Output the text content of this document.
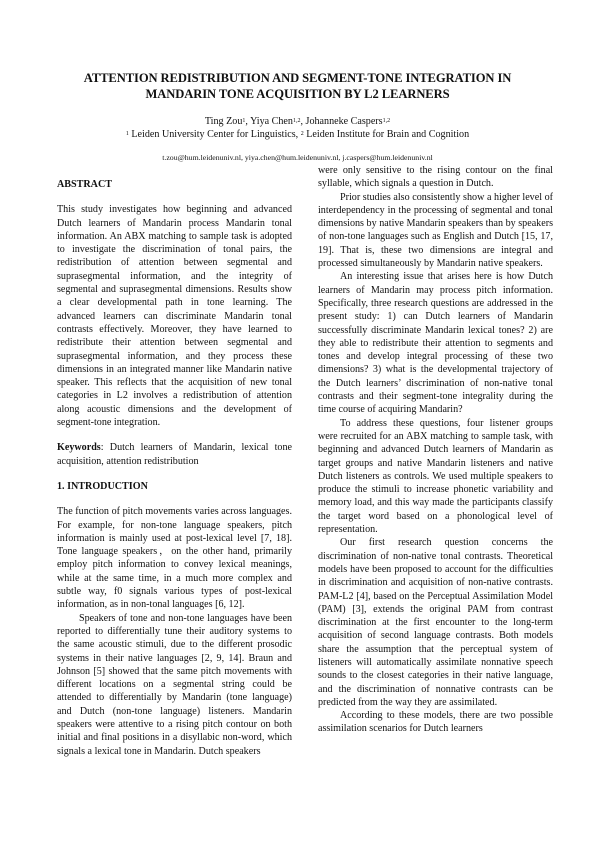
ATTENTION REDISTRIBUTION AND SEGMENT-TONE INTEGRATION IN
MANDARIN TONE ACQUISITION BY L2 LEARNERS
Ting Zou$^1$, Yiya Chen$^{1,2}$, Johanneke Caspers$^{1,2}$
$^1$ Leiden University Center for Linguistics, $^2$ Leiden Institute for Brain and Cognition
t.zou@hum.leidenuniv.nl, yiya.chen@hum.leidenuniv.nl, j.caspers@hum.leidenuniv.nl

ABSTRACT

This study investigates how beginning and advanced Dutch learners of Mandarin process Mandarin tonal information. An ABX matching to sample task is adopted to investigate the discrimination of tonal pairs, the redistribution of attention between segmental and suprasegmental information, and the integrity of segmental and suprasegmental dimensions. Results show a clear developmental path in tone learning. The advanced learners can discriminate Mandarin tonal contrasts effectively. Moreover, they have learned to redistribute their attention between segmental and suprasegmental information, and they process these dimensions in an integrated manner like Mandarin native speaker. This reflects that the acquisition of new tonal categories in L2 involves a redistribution of attention along acoustic dimensions and the development of segment-tone integration.

Keywords: Dutch learners of Mandarin, lexical tone acquisition, attention redistribution

1. INTRODUCTION

The function of pitch movements varies across languages. For example, for non-tone language speakers, pitch information is mainly used at post-lexical level [7, 18]. Tone language speakers，on the other hand, primarily employ pitch information to convey lexical meanings, while at the same time, in a much more complex and subtle way, f0 signals various types of post-lexical information, as in non-tonal languages [6, 12].

Speakers of tone and non-tone languages have been reported to differentially tune their auditory systems to the same acoustic stimuli, due to the different prosodic systems in their native languages [2, 9, 14]. Braun and Johnson [5] showed that the same pitch movements with different locations on a segmental string could be attended to differentially by Mandarin (tone language) and Dutch (non-tone language) listeners. Mandarin speakers were attentive to a rising pitch contour on both initial and final positions in a disyllabic non-word, which signals a lexical tone in Mandarin. Dutch speakers

were only sensitive to the rising contour on the final syllable, which signals a question in Dutch.

Prior studies also consistently show a higher level of interdependency in the processing of segmental and tonal dimensions by native Mandarin speakers than by speakers of non-tone languages such as English and Dutch [15, 17, 19]. That is, these two dimensions are integral and processed simultaneously by Mandarin native speakers.

An interesting issue that arises here is how Dutch learners of Mandarin may process pitch information. Specifically, three research questions are addressed in the present study: 1) can Dutch learners of Mandarin successfully discriminate Mandarin lexical tones? 2) are they able to redistribute their attention to segments and tones and develop integral processing of these two dimensions? 3) what is the developmental trajectory of the Dutch learners’ discrimination of non-native tonal contrasts and their segment-tone integrality during the time course of acquiring Mandarin?

To address these questions, four listener groups were recruited for an ABX matching to sample task, with beginning and advanced Dutch learners of Mandarin as target groups and native Mandarin listeners and native Dutch listeners as controls. We used multiple speakers to produce the stimuli to increase phonetic variability and memory load, and this way made the participants classify the target word based on a phonological level of representation.

Our first research question concerns the discrimination of non-native tonal contrasts. Theoretical models have been proposed to account for the difficulties in discrimination and acquisition of non-native contrasts. PAM-L2 [4], based on the Perceptual Assimilation Model (PAM) [3], extends the original PAM from contrast discrimination at the first encounter to the long-term acquisition of second language contrasts. Both models share the assumption that the perceptual system of listeners will automatically assimilate nonnative speech sounds to the closest categories in their native language, and the discrimination of nonnative contrasts can be predicted from the way they are assimilated.

According to these models, there are two possible assimilation scenarios for Dutch learners
